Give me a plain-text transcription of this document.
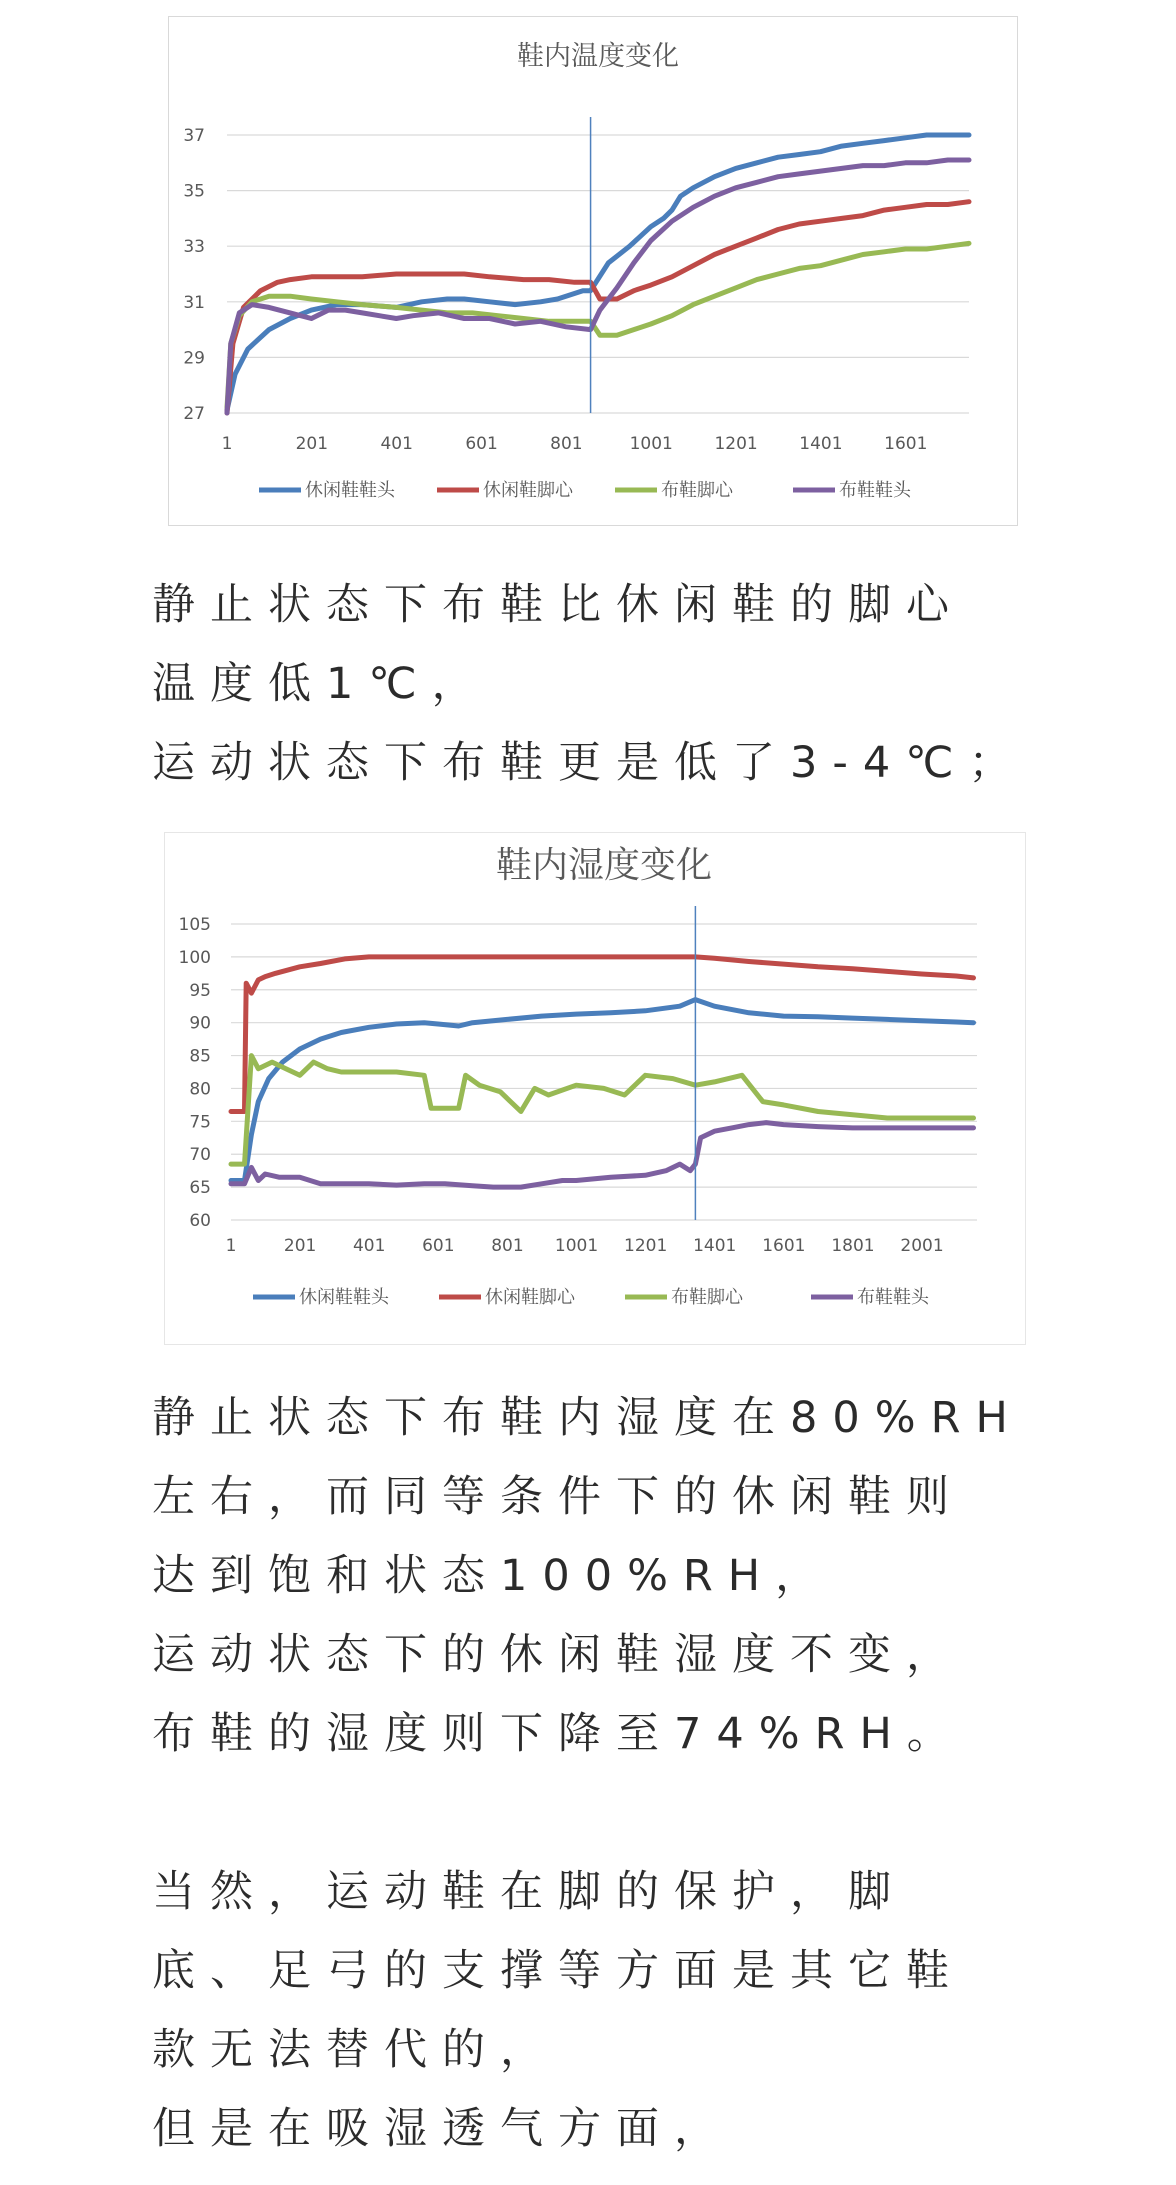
鞋内温度变化
27
29
31
33
35
37
1	201	401	601	801	1001 1201 1401 1601
休闲鞋鞋头	休闲鞋脚心	布鞋脚心	布鞋鞋头
静止状态下布鞋比休闲鞋的脚心
温度低1℃，
运动状态下布鞋更是低了3-4℃；
鞋内湿度变化
60
65
70
75
80
85
90
95
100
105
1	201 401 601 801 1001 1201 1401 1601 1801 2001
休闲鞋鞋头	休闲鞋脚心	布鞋脚心	布鞋鞋头
静止状态下布鞋内湿度在80%RH
左右，而同等条件下的休闲鞋则
达到饱和状态100%RH，
运动状态下的休闲鞋湿度不变，
布鞋的湿度则下降至74%RH。
当然，运动鞋在脚的保护，脚
底、足弓的支撑等方面是其它鞋
款无法替代的，
但是在吸湿透气方面，
